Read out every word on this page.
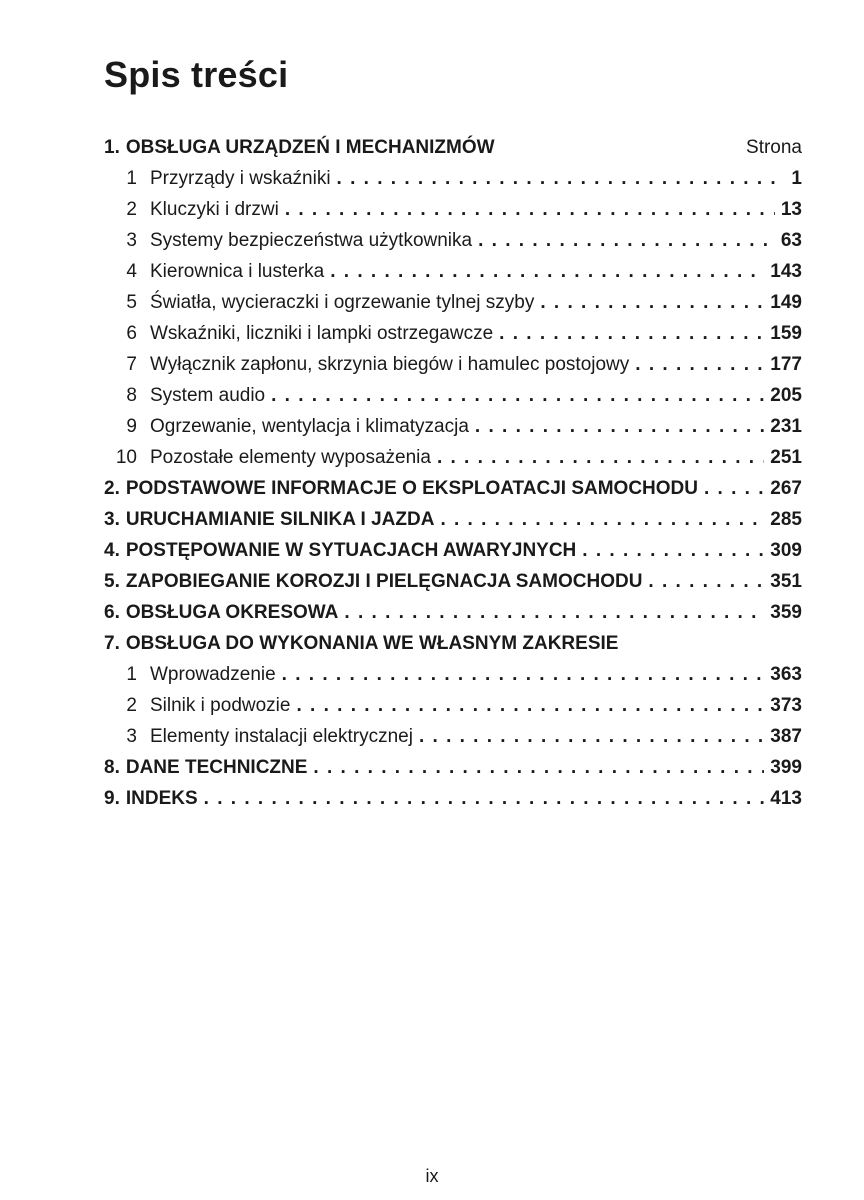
Spis treści
1. OBSŁUGA URZĄDZEŃ I MECHANIZMÓW	Strona
1 Przyrządy i wskaźniki . . .	1
2 Kluczyki i drzwi . . .	13
3 Systemy bezpieczeństwa użytkownika . . .	63
4 Kierownica i lusterka . . .	143
5 Światła, wycieraczki i ogrzewanie tylnej szyby . . .	149
6 Wskaźniki, liczniki i lampki ostrzegawcze . . .	159
7 Wyłącznik zapłonu, skrzynia biegów i hamulec postojowy . . .	177
8 System audio . . .	205
9 Ogrzewanie, wentylacja i klimatyzacja . . .	231
10 Pozostałe elementy wyposażenia . . .	251
2. PODSTAWOWE INFORMACJE O EKSPLOATACJI SAMOCHODU . . .	267
3. URUCHAMIANIE SILNIKA I JAZDA . . .	285
4. POSTĘPOWANIE W SYTUACJACH AWARYJNYCH . . .	309
5. ZAPOBIEGANIE KOROZJI I PIELĘGNACJA SAMOCHODU . . .	351
6. OBSŁUGA OKRESOWA . . .	359
7. OBSŁUGA DO WYKONANIA WE WŁASNYM ZAKRESIE
1 Wprowadzenie . . .	363
2 Silnik i podwozie . . .	373
3 Elementy instalacji elektrycznej . . .	387
8. DANE TECHNICZNE . . .	399
9. INDEKS . . .	413
ix
